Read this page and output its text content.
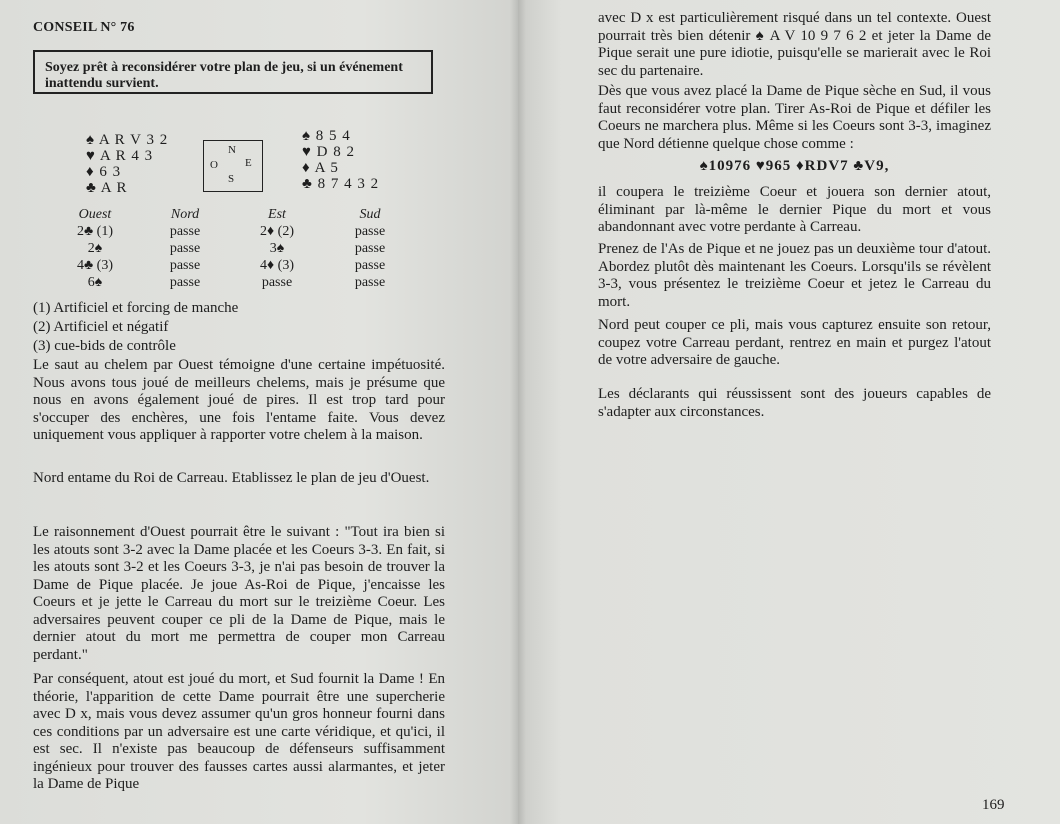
CONSEIL N° 76
Soyez prêt à reconsidérer votre plan de jeu, si un événement inattendu survient.
♠ A R V 3 2
♥ A R 4 3
♦ 6 3
♣ A R
N
O E
S
♠ 8 5 4
♥ D 8 2
♦ A 5
♣ 8 7 4 3 2
Ouest	Nord	Est	Sud
2♣ (1)	passe	2♦ (2)	passe
2♠	passe	3♠	passe
4♣ (3)	passe	4♦ (3)	passe
6♠	passe	passe	passe
(1) Artificiel et forcing de manche
(2) Artificiel et négatif
(3) cue-bids de contrôle
Le saut au chelem par Ouest témoigne d'une certaine impétuosité. Nous avons tous joué de meilleurs chelems, mais je présume que nous en avons également joué de pires. Il est trop tard pour s'occuper des enchères, une fois l'entame faite. Vous devez uniquement vous appliquer à rapporter votre chelem à la maison.
Nord entame du Roi de Carreau. Etablissez le plan de jeu d'Ouest.
Le raisonnement d'Ouest pourrait être le suivant : "Tout ira bien si les atouts sont 3-2 avec la Dame placée et les Coeurs 3-3. En fait, si les atouts sont 3-2 et les Coeurs 3-3, je n'ai pas besoin de trouver la Dame de Pique placée. Je joue As-Roi de Pique, j'encaisse les Coeurs et je jette le Carreau du mort sur le treizième Coeur. Les adversaires peuvent couper ce pli de la Dame de Pique, mais le dernier atout du mort me permettra de couper mon Carreau perdant."
Par conséquent, atout est joué du mort, et Sud fournit la Dame ! En théorie, l'apparition de cette Dame pourrait être une supercherie avec D x, mais vous devez assumer qu'un gros honneur fourni dans ces conditions par un adversaire est une carte véridique, et qu'ici, il est sec. Il n'existe pas beaucoup de défenseurs suffisamment ingénieux pour trouver des fausses cartes aussi alarmantes, et jeter la Dame de Pique
avec D x est particulièrement risqué dans un tel contexte. Ouest pourrait très bien détenir ♠ A V 10 9 7 6 2 et jeter la Dame de Pique serait une pure idiotie, puisqu'elle se marierait avec le Roi sec du partenaire.
Dès que vous avez placé la Dame de Pique sèche en Sud, il vous faut reconsidérer votre plan. Tirer As-Roi de Pique et défiler les Coeurs ne marchera plus. Même si les Coeurs sont 3-3, imaginez que Nord détienne quelque chose comme :
♠10976 ♥965 ♦RDV7 ♣V9,
il coupera le treizième Coeur et jouera son dernier atout, éliminant par là-même le dernier Pique du mort et vous abandonnant avec votre perdante à Carreau.
Prenez de l'As de Pique et ne jouez pas un deuxième tour d'atout. Abordez plutôt dès maintenant les Coeurs. Lorsqu'ils se révèlent 3-3, vous présentez le treizième Coeur et jetez le Carreau du mort.
Nord peut couper ce pli, mais vous capturez ensuite son retour, coupez votre Carreau perdant, rentrez en main et purgez l'atout de votre adversaire de gauche.
Les déclarants qui réussissent sont des joueurs capables de s'adapter aux circonstances.
169
